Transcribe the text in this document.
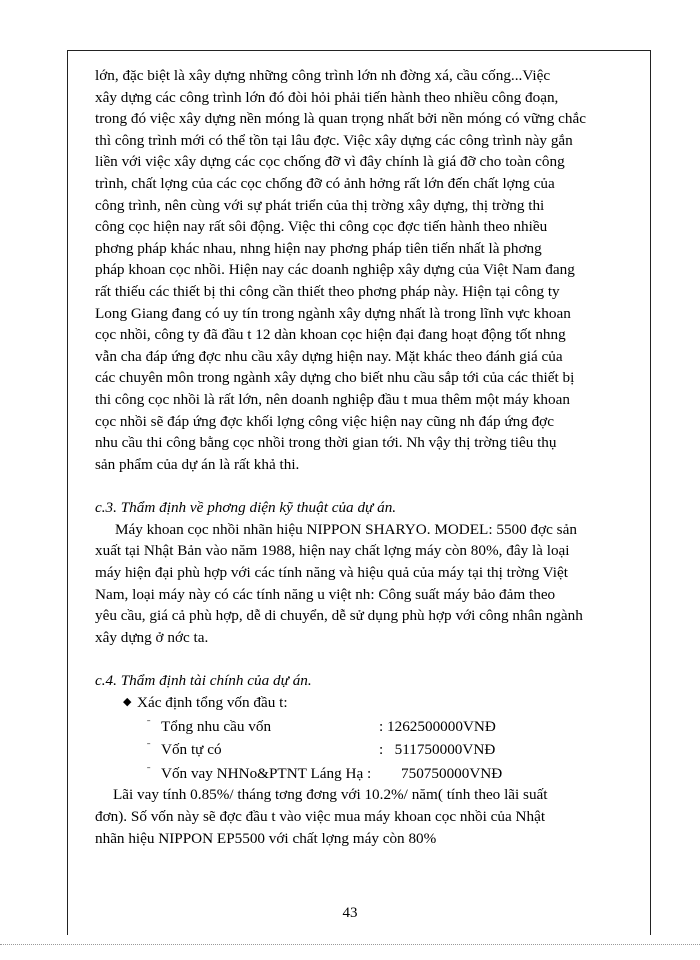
lớn, đặc biệt là xây dựng những công trình lớn nh đờng xá, cầu cống...Việc
xây dựng các công trình lớn đó đòi hỏi phải tiến hành theo nhiều công đoạn,
trong đó việc xây dựng nền móng là quan trọng nhất bởi nền móng có vững chắc
thì công trình mới có thể tồn tại lâu đợc. Việc xây dựng các công trình này gắn
liền với việc xây dựng các cọc chống đỡ vì đây chính là giá đỡ cho toàn công
trình, chất lợng của các cọc chống đỡ có ảnh hởng rất lớn đến chất lợng của
công trình, nên cùng với sự phát triển của thị trờng xây dựng, thị trờng thi
công cọc hiện nay rất sôi động. Việc thi công cọc đợc tiến hành theo nhiều
phơng pháp khác nhau, nhng hiện nay phơng pháp tiên tiến nhất là phơng
pháp khoan cọc nhồi. Hiện nay các doanh nghiệp xây dựng của Việt Nam đang
rất thiếu các thiết bị thi công cần thiết theo phơng pháp này. Hiện tại công ty
Long Giang đang có uy tín trong ngành xây dựng nhất là trong lĩnh vực khoan
cọc nhồi, công ty đã đầu t 12 dàn khoan cọc hiện đại đang hoạt động tốt nhng
vẫn cha đáp ứng đợc nhu cầu xây dựng hiện nay. Mặt khác theo đánh giá của
các chuyên môn trong ngành xây dựng cho biết nhu cầu sắp tới của các thiết bị
thi công cọc nhồi là rất lớn, nên doanh nghiệp đầu t mua thêm một máy khoan
cọc nhồi sẽ đáp ứng đợc khối lợng công việc hiện nay cũng nh đáp ứng đợc
nhu cầu thi công bằng cọc nhồi trong thời gian tới. Nh vậy thị trờng tiêu thụ
sản phẩm của dự án là rất khả thi.

c.3. Thẩm định về phơng diện kỹ thuật của dự án.

Máy khoan cọc nhồi nhãn hiệu NIPPON SHARYO. MODEL: 5500 đợc sản
xuất tại Nhật Bản vào năm 1988, hiện nay chất lợng máy còn 80%, đây là loại
máy hiện đại phù hợp với các tính năng và hiệu quả của máy tại thị trờng Việt
Nam, loại máy này có các tính năng u việt nh: Công suất máy bảo đảm theo
yêu cầu, giá cả phù hợp, dễ di chuyển, dễ sử dụng phù hợp với công nhân ngành
xây dựng ở nớc ta.

c.4. Thẩm định tài chính của dự án.

◆ Xác định tổng vốn đầu t:

ˉ Tổng nhu cầu vốn	: 1262500000VNĐ

ˉ Vốn tự có	:   511750000VNĐ

ˉ Vốn vay NHNo&PTNT Láng Hạ : 750750000VNĐ

Lãi vay tính 0.85%/ tháng tơng đơng với 10.2%/ năm( tính theo lãi suất
đơn). Số vốn này sẽ đợc đầu t vào việc mua máy khoan cọc nhồi của Nhật
nhãn hiệu NIPPON EP5500 với chất lợng máy còn 80%
43
